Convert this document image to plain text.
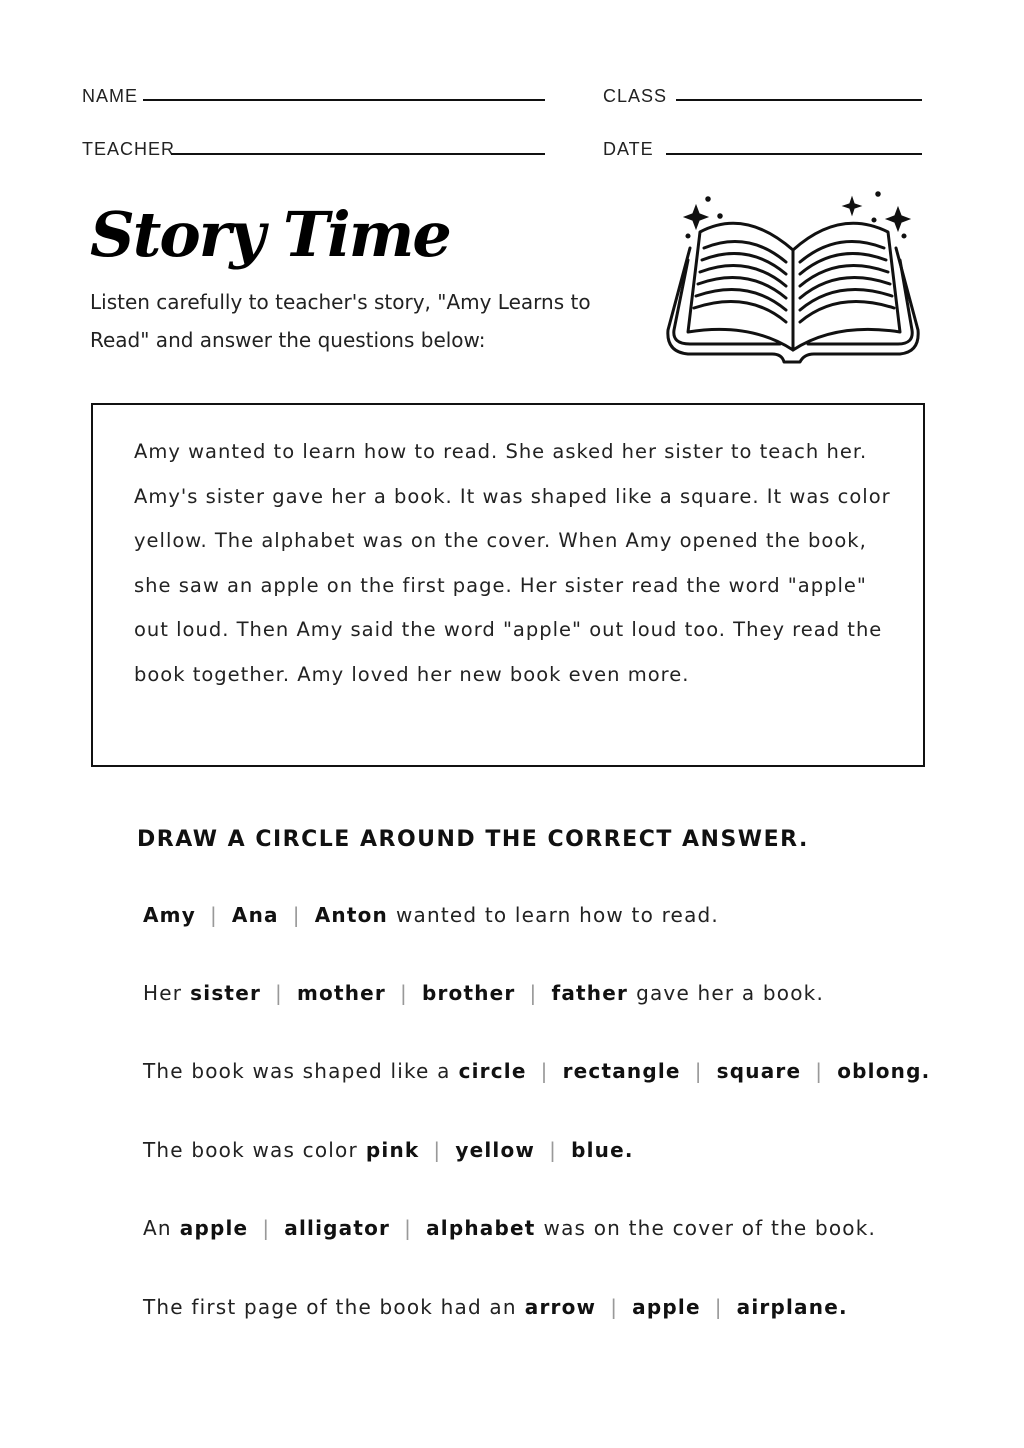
NAME	CLASS
TEACHER	DATE
Story Time
Listen carefully to teacher's story, "Amy Learns to Read" and answer the questions below:
Amy wanted to learn how to read. She asked her sister to teach her. Amy's sister gave her a book. It was shaped like a square. It was color yellow. The alphabet was on the cover. When Amy opened the book, she saw an apple on the first page. Her sister read the word "apple" out loud. Then Amy said the word "apple" out loud too. They read the book together. Amy loved her new book even more.
DRAW A CIRCLE AROUND THE CORRECT ANSWER.
Amy | Ana | Anton wanted to learn how to read.
Her sister | mother | brother | father gave her a book.
The book was shaped like a circle | rectangle | square | oblong.
The book was color pink | yellow | blue.
An apple | alligator | alphabet was on the cover of the book.
The first page of the book had an arrow | apple | airplane.
